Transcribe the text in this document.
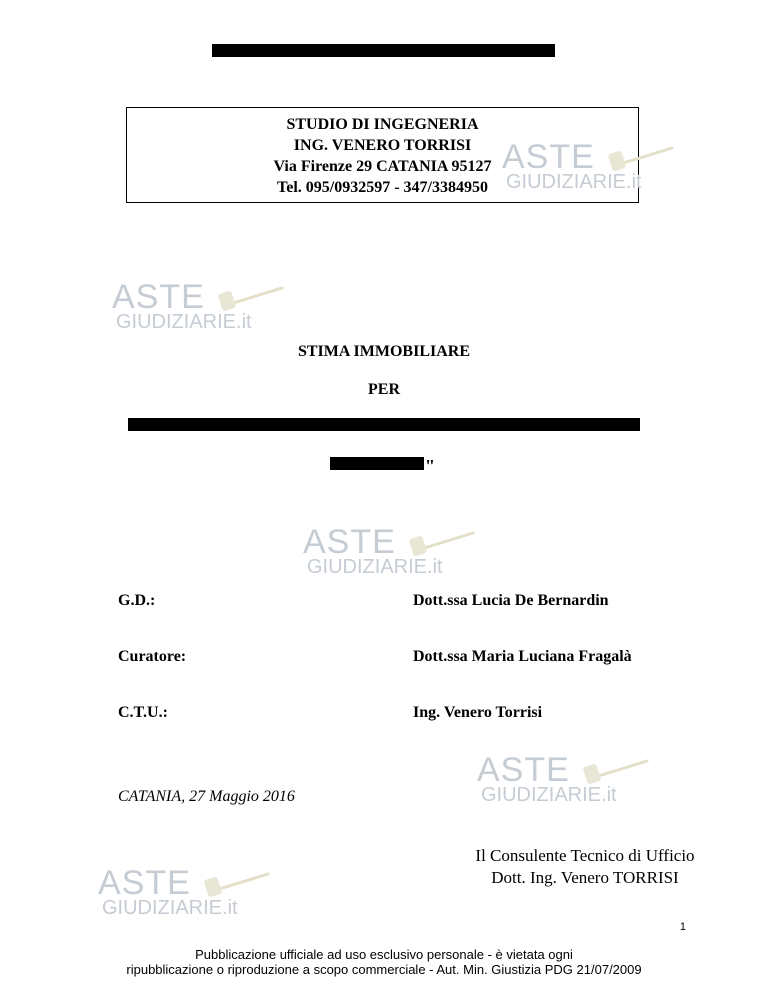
STUDIO DI INGEGNERIA
ING. VENERO TORRISI
Via Firenze 29 CATANIA 95127
Tel. 095/0932597 - 347/3384950
STIMA IMMOBILIARE
PER
"
G.D.:	Dott.ssa Lucia De Bernardin
Curatore:	Dott.ssa Maria Luciana Fragalà
C.T.U.:	Ing. Venero Torrisi
CATANIA, 27 Maggio 2016
Il Consulente Tecnico di Ufficio
Dott. Ing. Venero TORRISI
1
Pubblicazione ufficiale ad uso esclusivo personale - è vietata ogni
ripubblicazione o riproduzione a scopo commerciale - Aut. Min. Giustizia PDG 21/07/2009
ASTE
GIUDIZIARIE.it
ASTE
GIUDIZIARIE.it
ASTE
GIUDIZIARIE.it
ASTE
GIUDIZIARIE.it
ASTE
GIUDIZIARIE.it
